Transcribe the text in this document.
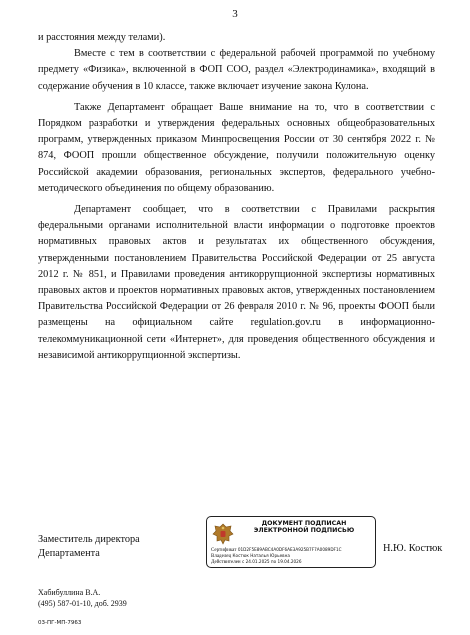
3

и расстояния между телами).

Вместе с тем в соответствии с федеральной рабочей программой по учебному предмету «Физика», включенной в ФОП СОО, раздел «Электродинамика», входящий в содержание обучения в 10 классе, также включает изучение закона Кулона.

Также Департамент обращает Ваше внимание на то, что в соответствии с Порядком разработки и утверждения федеральных основных общеобразовательных программ, утвержденных приказом Минпросвещения России от 30 сентября 2022 г. № 874, ФООП прошли общественное обсуждение, получили положительную оценку Российской академии образования, региональных экспертов, федерального учебно-методического объединения по общему образованию.

Департамент сообщает, что в соответствии с Правилами раскрытия федеральными органами исполнительной власти информации о подготовке проектов нормативных правовых актов и результатах их общественного обсуждения, утвержденными постановлением Правительства Российской Федерации от 25 августа 2012 г. № 851, и Правилами проведения антикоррупционной экспертизы нормативных правовых актов и проектов нормативных правовых актов, утвержденных постановлением Правительства Российской Федерации от 26 февраля 2010 г. № 96, проекты ФООП были размещены на официальном сайте regulation.gov.ru в информационно-телекоммуникационной сети «Интернет», для проведения общественного обсуждения и независимой антикоррупционной экспертизы.

Заместитель директора
Департамента
ДОКУМЕНТ ПОДПИСАН
ЭЛЕКТРОННОЙ ПОДПИСЬЮ
Сертификат 01D2F5E89ABC4A0DF6AE3A925B7F7A0089DF1C
Владелец Костюк Наталья Юрьевна
Действителен с 24.01.2025 по 19.04.2026
Н.Ю. Костюк
Хабибуллина В.А.
(495) 587-01-10, доб. 2939
03-ПГ-МП-7963
